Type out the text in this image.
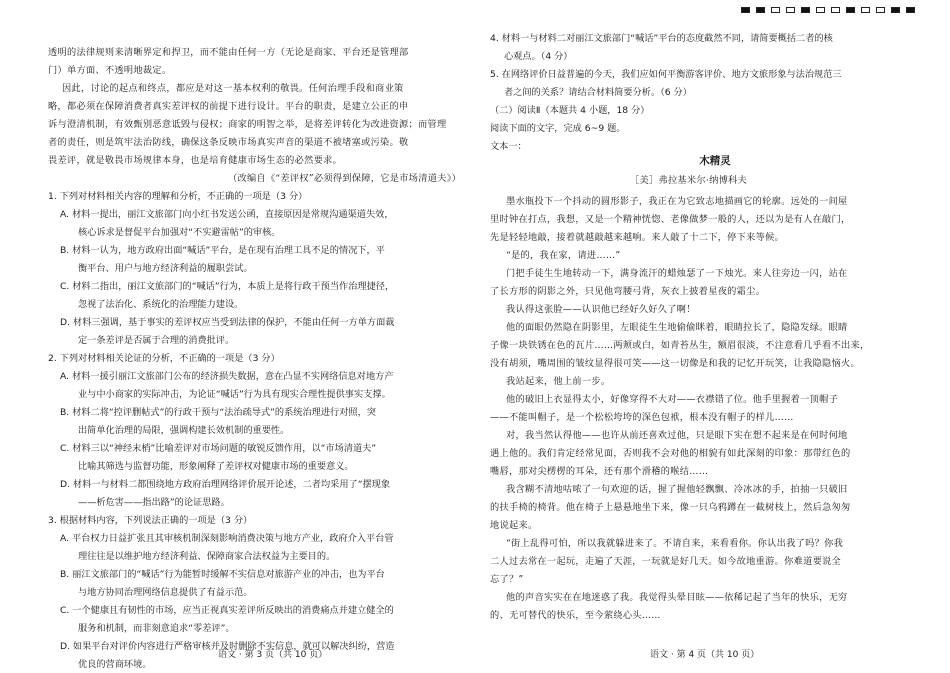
透明的法律规则来清晰界定和捍卫，而不能由任何一方（无论是商家、平台还是管理部
门）单方面、不透明地裁定。
因此，讨论的起点和终点，都应是对这一基本权利的敬畏。任何治理手段和商业策
略，都必须在保障消费者真实差评权的前提下进行设计。平台的职责，是建立公正的申
诉与澄清机制，有效甄别恶意诋毁与侵权；商家的明智之举，是将差评转化为改进资源；而管理
者的责任，则是筑牢法治防线，确保这条反映市场真实声音的渠道不被堵塞或污染。敬
畏差评，就是敬畏市场规律本身，也是培育健康市场生态的必然要求。
（改编自《“差评权”必须得到保障，它是市场清道夫》）
1. 下列对材料相关内容的理解和分析，不正确的一项是（3 分）
A. 材料一提出，丽江文旅部门向小红书发送公函，直接原因是常规沟通渠道失效，
核心诉求是督促平台加强对“不实避雷帖”的审核。
B. 材料一认为，地方政府出面“喊话”平台，是在现有治理工具不足的情况下，平
衡平台、用户与地方经济利益的履职尝试。
C. 材料二指出，丽江文旅部门的“喊话”行为，本质上是将行政干预当作治理捷径，
忽视了法治化、系统化的治理能力建设。
D. 材料三强调，基于事实的差评权应当受到法律的保护，不能由任何一方单方面裁
定一条差评是否属于合理的消费批评。
2. 下列对材料相关论证的分析，不正确的一项是（3 分）
A. 材料一援引丽江文旅部门公布的经济损失数据，意在凸显不实网络信息对地方产
业与中小商家的实际冲击，为论证“喊话”行为具有现实合理性提供事实支撑。
B. 材料二将“控评删帖式”的行政干预与“法治疏导式”的系统治理进行对照，突
出简单化治理的局限，强调构建长效机制的重要性。
C. 材料三以“神经末梢”比喻差评对市场问题的敏锐反馈作用，以“市场清道夫”
比喻其筛选与监督功能，形象阐释了差评权对健康市场的重要意义。
D. 材料一与材料二都围绕地方政府治理网络评价展开论述，二者均采用了“摆现象
——析危害——指出路”的论证思路。
3. 根据材料内容，下列说法正确的一项是（3 分）
A. 平台权力日益扩张且其审核机制深刻影响消费决策与地方产业，政府介入平台管
理往往是以维护地方经济利益、保障商家合法权益为主要目的。
B. 丽江文旅部门的“喊话”行为能暂时缓解不实信息对旅游产业的冲击，也为平台
与地方协同治理网络信息提供了有益示范。
C. 一个健康且有韧性的市场，应当正视真实差评所反映出的消费痛点并建立健全的
服务和机制，而非刻意追求“零差评”。
D. 如果平台对评价内容进行严格审核并及时删除不实信息，就可以解决纠纷，营造
优良的营商环境。
语文 · 第 3 页（共 10 页）
木精灵
［美］弗拉基米尔·纳博科夫
4. 材料一与材料二对丽江文旅部门“喊话”平台的态度截然不同，请简要概括二者的核
心观点。（4 分）
5. 在网络评价日益普遍的今天，我们应如何平衡游客评价、地方文旅形象与法治规范三
者之间的关系？请结合材料简要分析。（6 分）
（二）阅读Ⅱ（本题共 4 小题，18 分）
阅读下面的文字，完成 6~9 题。
文本一：
墨水瓶投下一个抖动的圆形影子，我正在为它致志地描画它的轮廓。远处的一间屋
里时钟在打点，我想，又是一个精神恍惚、老像做梦一般的人，还以为是有人在敲门，
先是轻轻地敲，接着就越敲越来越响。来人敲了十二下，停下来等候。
“是的，我在家，请进……”
门把手徒生生地转动一下，满身流汗的蜡烛瑟了一下烛光。来人往旁边一闪，站在
了长方形的阴影之外，只见他弯腰弓背，灰衣上披着星夜的霜尘。
我认得这张脸——认识他已经好久好久了啊！
他的面眼仍然隐在阴影里，左眼徒生生地偷偷眯着，眼睛拉长了，隐隐发绿。眼睛
子像一块铁锈在色的瓦片……两颊或白，如青苔丛生，额眉很淡，不注意看几乎看不出来，
没有胡须，嘴周围的皱纹显得很可笑——这一切像是和我的记忆开玩笑，让我隐隐恼火。
我站起来，他上前一步。
他的破旧上衣显得太小，好像穿得不大对——衣襟错了位。他手里握着一顶帽子
——不能叫帽子，是一个松松垮垮的深色包袱，根本没有帽子的样儿……
对，我当然认得他——也许从前还喜欢过他，只是眼下实在想不起来是在何时何地
遇上他的。我们肯定经常见面，否则我不会对他的相貌有如此深刻的印象：那带红色的
嘴唇，那对尖楞楞的耳朵，还有那个滑稽的喉结……
我含糊不清地咕哝了一句欢迎的话，握了握他轻飘飘、冷冰冰的手，拍抽一只破旧
的扶手椅的椅背。他在椅子上悬悬地坐下来，像一只乌鸦蹲在一截树枝上，然后急匆匆
地说起来。
“街上乱得可怕，所以我就躲进来了。不请自来，来看看你。你认出我了吗？你我
二人过去常在一起玩，走遍了天涯，一玩就是好几天。如今故地重游。你难道要说全
忘了？”
他的声音实实在在地迷惑了我。我觉得头晕目眩——依稀记起了当年的快乐，无穷
的、无可替代的快乐，至今萦绕心头……
语文 · 第 4 页（共 10 页）
